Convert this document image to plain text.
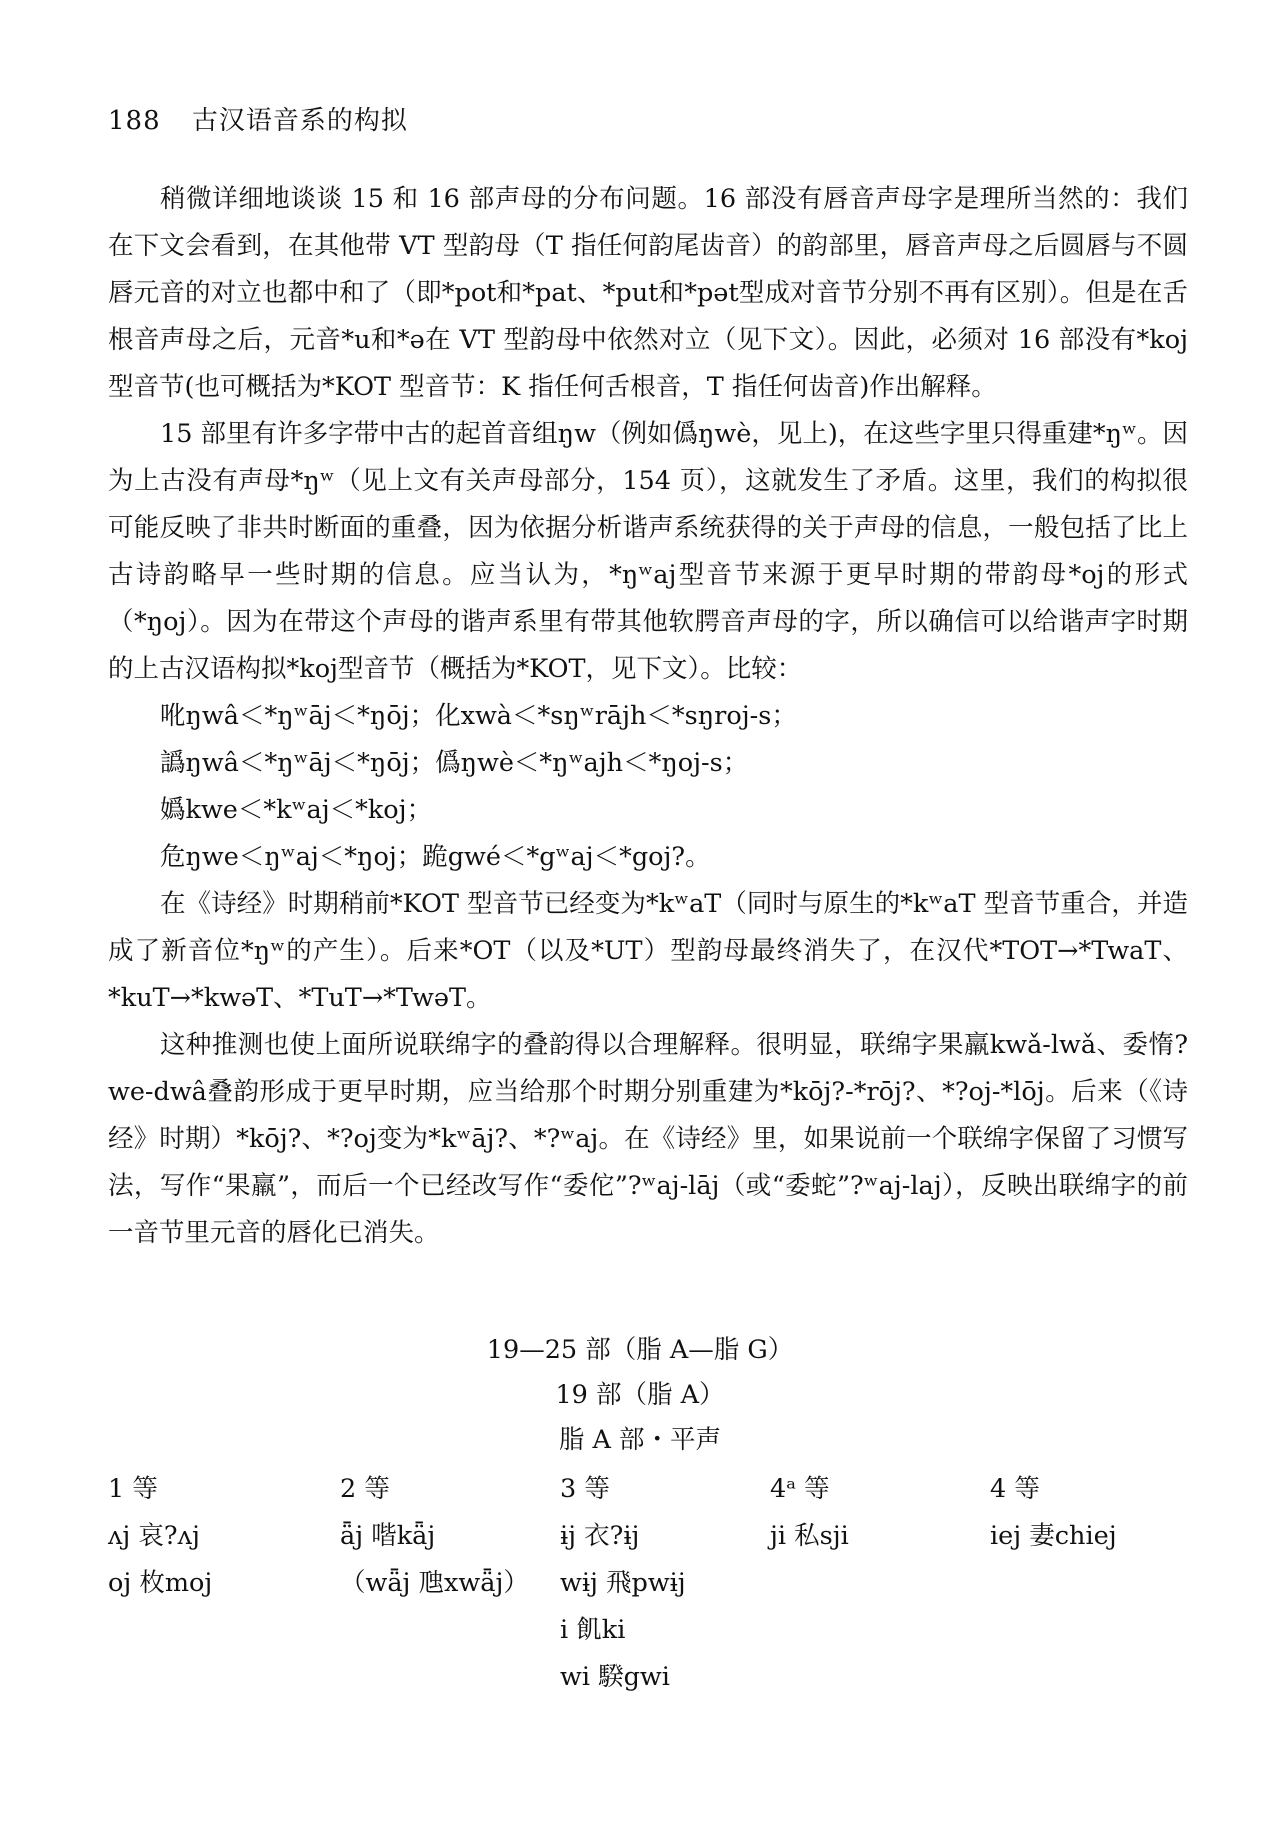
188 古汉语音系的构拟

稍微详细地谈谈 15 和 16 部声母的分布问题。16 部没有唇音声母字是理所当然的：我们在下文会看到，在其他带 VT 型韵母（T 指任何韵尾齿音）的韵部里，唇音声母之后圆唇与不圆唇元音的对立也都中和了（即*pot和*pat、*put和*pət型成对音节分别不再有区别）。但是在舌根音声母之后，元音*u和*ə在 VT 型韵母中依然对立（见下文）。因此，必须对 16 部没有*koj型音节(也可概括为*KOT 型音节：K 指任何舌根音，T 指任何齿音)作出解释。

15 部里有许多字带中古的起首音组ŋw（例如僞ŋwè，见上)，在这些字里只得重建*ŋʷ。因为上古没有声母*ŋʷ（见上文有关声母部分，154 页），这就发生了矛盾。这里，我们的构拟很可能反映了非共时断面的重叠，因为依据分析谐声系统获得的关于声母的信息，一般包括了比上古诗韵略早一些时期的信息。应当认为，*ŋʷaj型音节来源于更早时期的带韵母*oj的形式（*ŋoj）。因为在带这个声母的谐声系里有带其他软腭音声母的字，所以确信可以给谐声字时期的上古汉语构拟*koj型音节（概括为*KOT，见下文）。比较：

吪ŋwâ＜*ŋʷāj＜*ŋōj；化xwà＜*sŋʷrājh＜*sŋroj-s；

譌ŋwâ＜*ŋʷāj＜*ŋōj；僞ŋwè＜*ŋʷajh＜*ŋoj-s；

嬀kwe＜*kʷaj＜*koj；

危ŋwe＜ŋʷaj＜*ŋoj；跪gwé＜*gʷaj＜*goj?。

在《诗经》时期稍前*KOT 型音节已经变为*kʷaT（同时与原生的*kʷaT 型音节重合，并造成了新音位*ŋʷ的产生）。后来*OT（以及*UT）型韵母最终消失了，在汉代*TOT→*TwaT、*kuT→*kwəT、*TuT→*TwəT。

这种推测也使上面所说联绵字的叠韵得以合理解释。很明显，联绵字果羸kwǎ-lwǎ、委惰?we-dwâ叠韵形成于更早时期，应当给那个时期分别重建为*kōj?-*rōj?、*?oj-*lōj。后来（《诗经》时期）*kōj?、*?oj变为*kʷāj?、*?ʷaj。在《诗经》里，如果说前一个联绵字保留了习惯写法，写作“果羸”，而后一个已经改写作“委佗”?ʷaj-lāj（或“委蛇”?ʷaj-laj），反映出联绵字的前一音节里元音的唇化已消失。

19—25 部（脂 A—脂 G）
19 部（脂 A）
脂 A 部・平声
1 等
ʌj 哀?ʌj
oj 枚moj
2 等
ǟj 喈kǟj
（wǟj 虺xwǟj）
3 等
ɨj 衣?ɨj
wɨj 飛pwɨj
i 飢ki
wi 騤gwi
4ᵃ 等
ji 私sji
4 等
iej 妻chiej
